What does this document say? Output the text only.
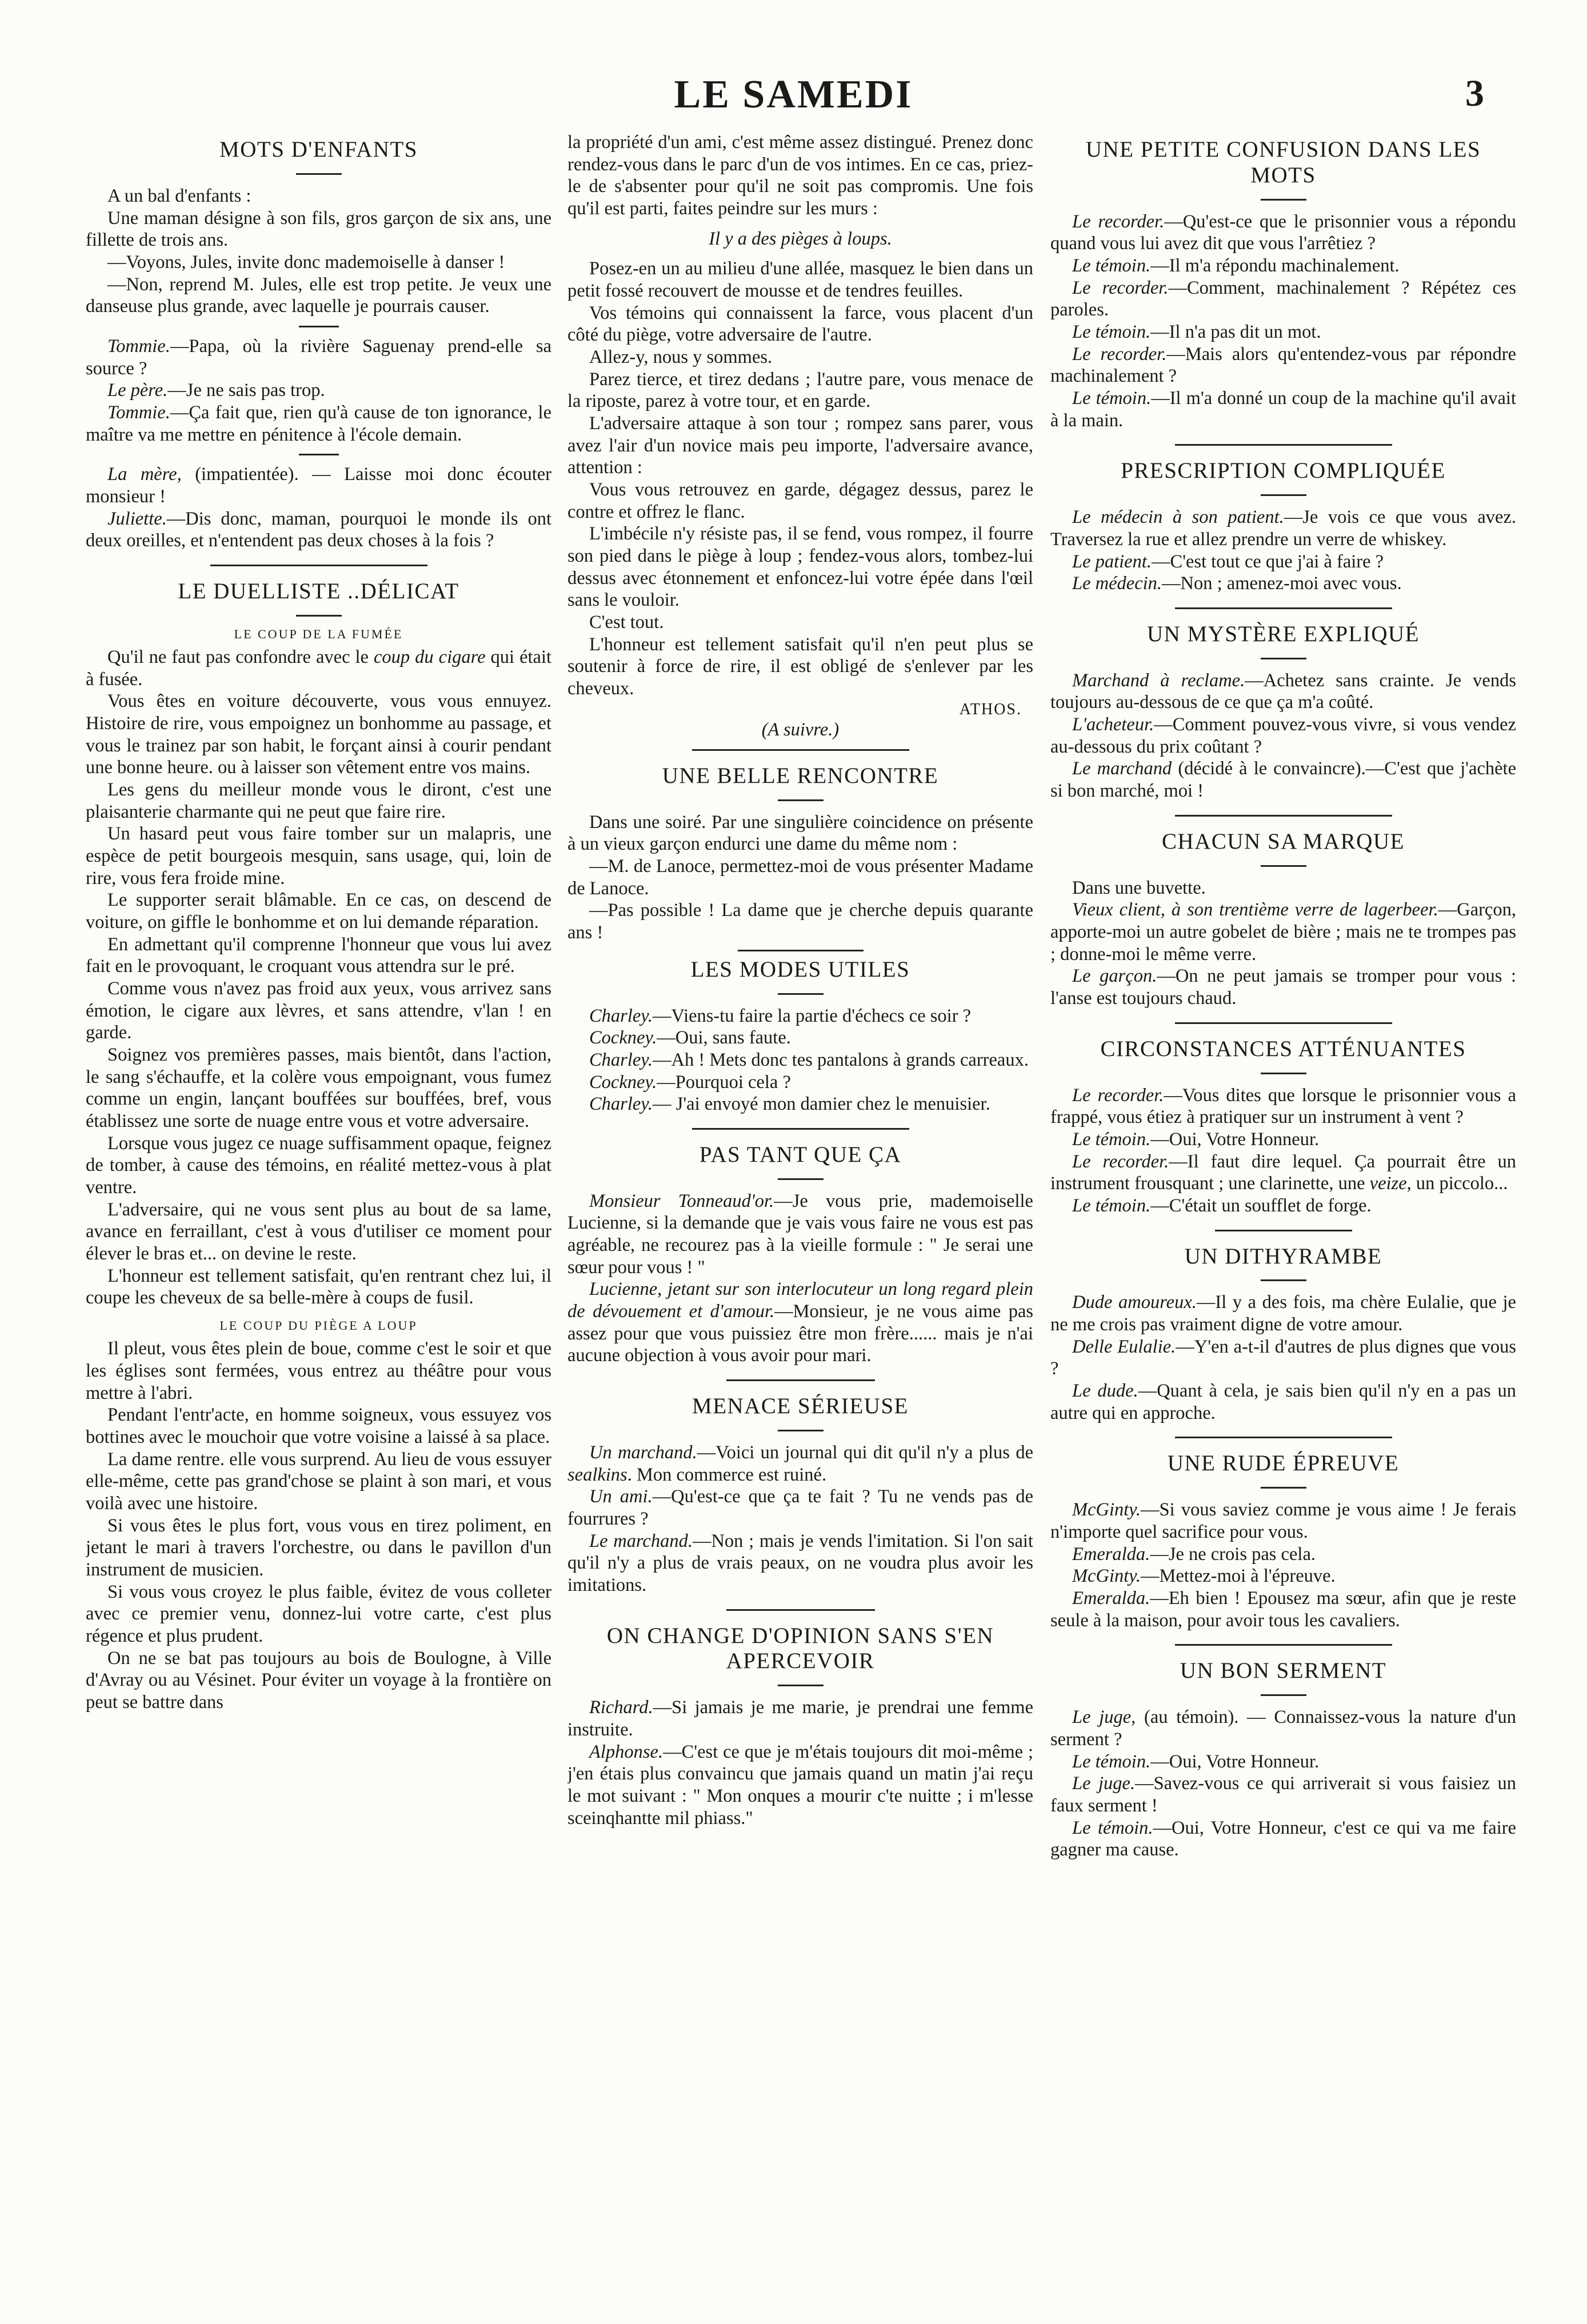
LE SAMEDI	3
MOTS D'ENFANTS

A un bal d'enfants :

Une maman désigne à son fils, gros garçon de six ans, une fillette de trois ans.

—Voyons, Jules, invite donc mademoiselle à danser !

—Non, reprend M. Jules, elle est trop petite. Je veux une danseuse plus grande, avec laquelle je pourrais causer.

Tommie.—Papa, où la rivière Saguenay prend-elle sa source ?

Le père.—Je ne sais pas trop.

Tommie.—Ça fait que, rien qu'à cause de ton ignorance, le maître va me mettre en pénitence à l'école demain.

La mère, (impatientée). — Laisse moi donc écouter monsieur !

Juliette.—Dis donc, maman, pourquoi le monde ils ont deux oreilles, et n'entendent pas deux choses à la fois ?

LE DUELLISTE ..DÉLICAT
LE COUP DE LA FUMÉE

Qu'il ne faut pas confondre avec le coup du cigare qui était à fusée.

Vous êtes en voiture découverte, vous vous ennuyez. Histoire de rire, vous empoignez un bonhomme au passage, et vous le trainez par son habit, le forçant ainsi à courir pendant une bonne heure. ou à laisser son vêtement entre vos mains.

Les gens du meilleur monde vous le diront, c'est une plaisanterie charmante qui ne peut que faire rire.

Un hasard peut vous faire tomber sur un malapris, une espèce de petit bourgeois mesquin, sans usage, qui, loin de rire, vous fera froide mine.

Le supporter serait blâmable. En ce cas, on descend de voiture, on giffle le bonhomme et on lui demande réparation.

En admettant qu'il comprenne l'honneur que vous lui avez fait en le provoquant, le croquant vous attendra sur le pré.

Comme vous n'avez pas froid aux yeux, vous arrivez sans émotion, le cigare aux lèvres, et sans attendre, v'lan ! en garde.

Soignez vos premières passes, mais bientôt, dans l'action, le sang s'échauffe, et la colère vous empoignant, vous fumez comme un engin, lançant bouffées sur bouffées, bref, vous établissez une sorte de nuage entre vous et votre adversaire.

Lorsque vous jugez ce nuage suffisamment opaque, feignez de tomber, à cause des témoins, en réalité mettez-vous à plat ventre.

L'adversaire, qui ne vous sent plus au bout de sa lame, avance en ferraillant, c'est à vous d'utiliser ce moment pour élever le bras et... on devine le reste.

L'honneur est tellement satisfait, qu'en rentrant chez lui, il coupe les cheveux de sa belle-mère à coups de fusil.

LE COUP DU PIÈGE A LOUP

Il pleut, vous êtes plein de boue, comme c'est le soir et que les églises sont fermées, vous entrez au théâtre pour vous mettre à l'abri.

Pendant l'entr'acte, en homme soigneux, vous essuyez vos bottines avec le mouchoir que votre voisine a laissé à sa place.

La dame rentre. elle vous surprend. Au lieu de vous essuyer elle-même, cette pas grand'chose se plaint à son mari, et vous voilà avec une histoire.

Si vous êtes le plus fort, vous vous en tirez poliment, en jetant le mari à travers l'orchestre, ou dans le pavillon d'un instrument de musicien.

Si vous vous croyez le plus faible, évitez de vous colleter avec ce premier venu, donnez-lui votre carte, c'est plus régence et plus prudent.

On ne se bat pas toujours au bois de Boulogne, à Ville d'Avray ou au Vésinet. Pour éviter un voyage à la frontière on peut se battre dans

la propriété d'un ami, c'est même assez distingué. Prenez donc rendez-vous dans le parc d'un de vos intimes. En ce cas, priez-le de s'absenter pour qu'il ne soit pas compromis. Une fois qu'il est parti, faites peindre sur les murs :

Il y a des pièges à loups.

Posez-en un au milieu d'une allée, masquez le bien dans un petit fossé recouvert de mousse et de tendres feuilles.

Vos témoins qui connaissent la farce, vous placent d'un côté du piège, votre adversaire de l'autre.

Allez-y, nous y sommes.

Parez tierce, et tirez dedans ; l'autre pare, vous menace de la riposte, parez à votre tour, et en garde.

L'adversaire attaque à son tour ; rompez sans parer, vous avez l'air d'un novice mais peu importe, l'adversaire avance, attention :

Vous vous retrouvez en garde, dégagez dessus, parez le contre et offrez le flanc.

L'imbécile n'y résiste pas, il se fend, vous rompez, il fourre son pied dans le piège à loup ; fendez-vous alors, tombez-lui dessus avec étonnement et enfoncez-lui votre épée dans l'œil sans le vouloir.

C'est tout.

L'honneur est tellement satisfait qu'il n'en peut plus se soutenir à force de rire, il est obligé de s'enlever par les cheveux.

ATHOS.

(A suivre.)

UNE BELLE RENCONTRE

Dans une soiré. Par une singulière coincidence on présente à un vieux garçon endurci une dame du même nom :

—M. de Lanoce, permettez-moi de vous présenter Madame de Lanoce.

—Pas possible ! La dame que je cherche depuis quarante ans !

LES MODES UTILES

Charley.—Viens-tu faire la partie d'échecs ce soir ?

Cockney.—Oui, sans faute.

Charley.—Ah ! Mets donc tes pantalons à grands carreaux.

Cockney.—Pourquoi cela ?

Charley.— J'ai envoyé mon damier chez le menuisier.

PAS TANT QUE ÇA

Monsieur Tonneaud'or.—Je vous prie, mademoiselle Lucienne, si la demande que je vais vous faire ne vous est pas agréable, ne recourez pas à la vieille formule : " Je serai une sœur pour vous ! "

Lucienne, jetant sur son interlocuteur un long regard plein de dévouement et d'amour.—Monsieur, je ne vous aime pas assez pour que vous puissiez être mon frère...... mais je n'ai aucune objection à vous avoir pour mari.

MENACE SÉRIEUSE

Un marchand.—Voici un journal qui dit qu'il n'y a plus de sealkins. Mon commerce est ruiné.

Un ami.—Qu'est-ce que ça te fait ? Tu ne vends pas de fourrures ?

Le marchand.—Non ; mais je vends l'imitation. Si l'on sait qu'il n'y a plus de vrais peaux, on ne voudra plus avoir les imitations.

ON CHANGE D'OPINION SANS S'EN APERCEVOIR

Richard.—Si jamais je me marie, je prendrai une femme instruite.

Alphonse.—C'est ce que je m'étais toujours dit moi-même ; j'en étais plus convaincu que jamais quand un matin j'ai reçu le mot suivant : " Mon onques a mourir c'te nuitte ; i m'lesse sceinqhantte mil phiass."

UNE PETITE CONFUSION DANS LES MOTS

Le recorder.—Qu'est-ce que le prisonnier vous a répondu quand vous lui avez dit que vous l'arrêtiez ?

Le témoin.—Il m'a répondu machinalement.

Le recorder.—Comment, machinalement ? Répétez ces paroles.

Le témoin.—Il n'a pas dit un mot.

Le recorder.—Mais alors qu'entendez-vous par répondre machinalement ?

Le témoin.—Il m'a donné un coup de la machine qu'il avait à la main.

PRESCRIPTION COMPLIQUÉE

Le médecin à son patient.—Je vois ce que vous avez. Traversez la rue et allez prendre un verre de whiskey.

Le patient.—C'est tout ce que j'ai à faire ?

Le médecin.—Non ; amenez-moi avec vous.

UN MYSTÈRE EXPLIQUÉ

Marchand à reclame.—Achetez sans crainte. Je vends toujours au-dessous de ce que ça m'a coûté.

L'acheteur.—Comment pouvez-vous vivre, si vous vendez au-dessous du prix coûtant ?

Le marchand (décidé à le convaincre).—C'est que j'achète si bon marché, moi !

CHACUN SA MARQUE

Dans une buvette.

Vieux client, à son trentième verre de lagerbeer.—Garçon, apporte-moi un autre gobelet de bière ; mais ne te trompes pas ; donne-moi le même verre.

Le garçon.—On ne peut jamais se tromper pour vous : l'anse est toujours chaud.

CIRCONSTANCES ATTÉNUANTES

Le recorder.—Vous dites que lorsque le prisonnier vous a frappé, vous étiez à pratiquer sur un instrument à vent ?

Le témoin.—Oui, Votre Honneur.

Le recorder.—Il faut dire lequel. Ça pourrait être un instrument frousquant ; une clarinette, une veize, un piccolo...

Le témoin.—C'était un soufflet de forge.

UN DITHYRAMBE

Dude amoureux.—Il y a des fois, ma chère Eulalie, que je ne me crois pas vraiment digne de votre amour.

Delle Eulalie.—Y'en a-t-il d'autres de plus dignes que vous ?

Le dude.—Quant à cela, je sais bien qu'il n'y en a pas un autre qui en approche.

UNE RUDE ÉPREUVE

McGinty.—Si vous saviez comme je vous aime ! Je ferais n'importe quel sacrifice pour vous.

Emeralda.—Je ne crois pas cela.

McGinty.—Mettez-moi à l'épreuve.

Emeralda.—Eh bien ! Epousez ma sœur, afin que je reste seule à la maison, pour avoir tous les cavaliers.

UN BON SERMENT

Le juge, (au témoin). — Connaissez-vous la nature d'un serment ?

Le témoin.—Oui, Votre Honneur.

Le juge.—Savez-vous ce qui arriverait si vous faisiez un faux serment !

Le témoin.—Oui, Votre Honneur, c'est ce qui va me faire gagner ma cause.
